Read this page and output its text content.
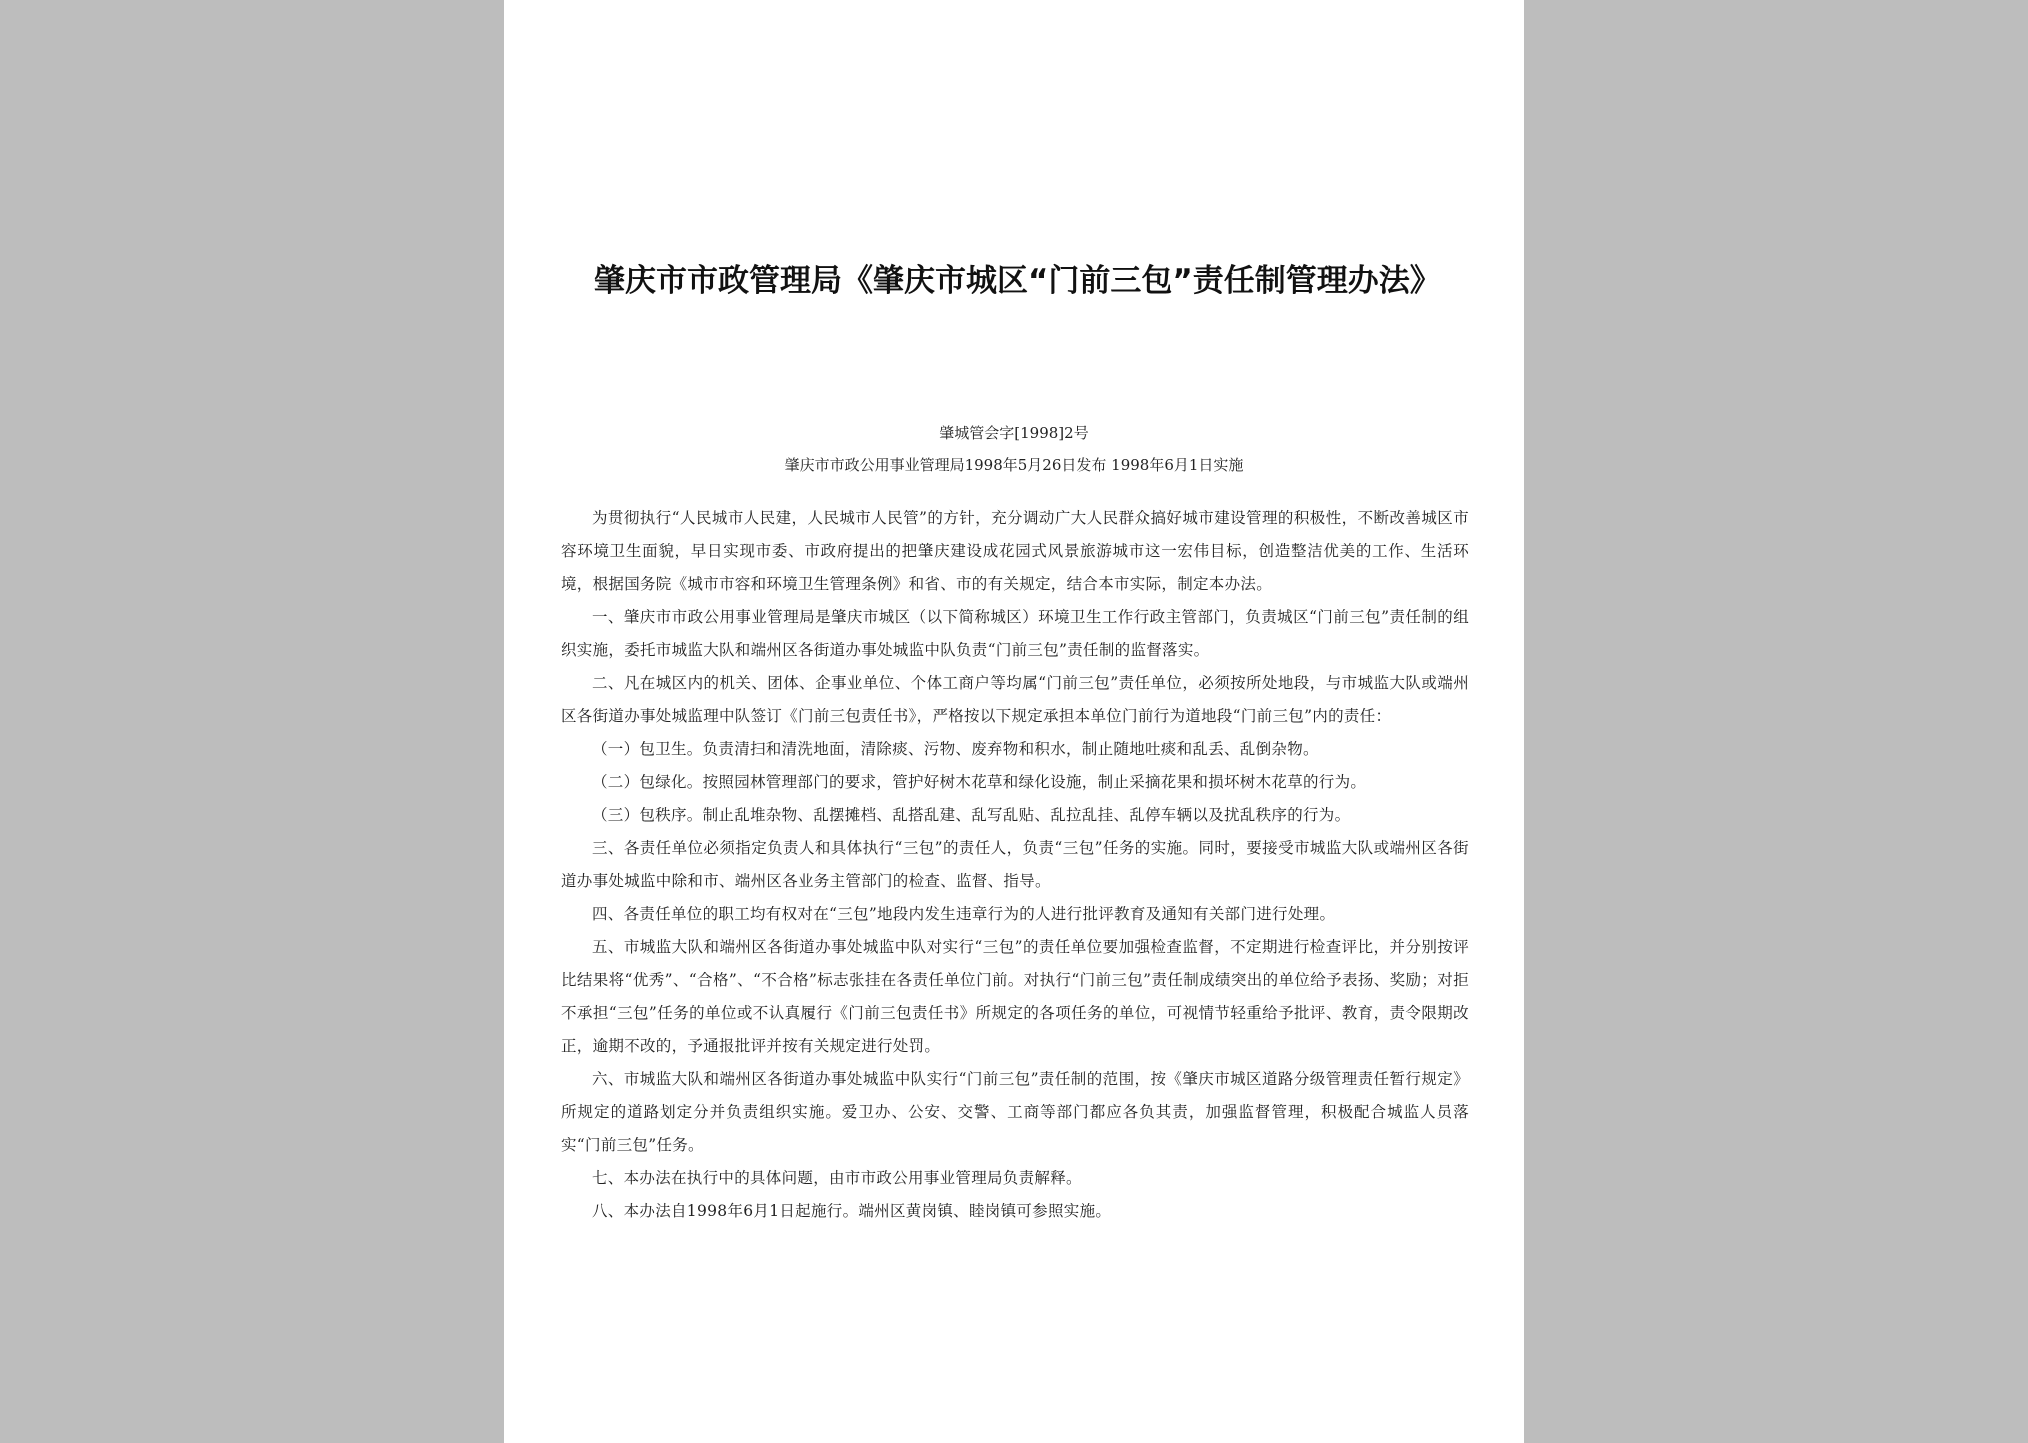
肇庆市市政管理局《肇庆市城区“门前三包”责任制管理办法》
肇城管会字[1998]2号
肇庆市市政公用事业管理局1998年5月26日发布 1998年6月1日实施

为贯彻执行“人民城市人民建，人民城市人民管”的方针，充分调动广大人民群众搞好城市建设管理的积极性，不断改善城区市容环境卫生面貌，早日实现市委、市政府提出的把肇庆建设成花园式风景旅游城市这一宏伟目标，创造整洁优美的工作、生活环境，根据国务院《城市市容和环境卫生管理条例》和省、市的有关规定，结合本市实际，制定本办法。

一、肇庆市市政公用事业管理局是肇庆市城区（以下简称城区）环境卫生工作行政主管部门，负责城区“门前三包”责任制的组织实施，委托市城监大队和端州区各街道办事处城监中队负责“门前三包”责任制的监督落实。

二、凡在城区内的机关、团体、企事业单位、个体工商户等均属“门前三包”责任单位，必须按所处地段，与市城监大队或端州区各街道办事处城监理中队签订《门前三包责任书》，严格按以下规定承担本单位门前行为道地段“门前三包”内的责任：

（一）包卫生。负责清扫和清洗地面，清除痰、污物、废弃物和积水，制止随地吐痰和乱丢、乱倒杂物。

（二）包绿化。按照园林管理部门的要求，管护好树木花草和绿化设施，制止采摘花果和损坏树木花草的行为。

（三）包秩序。制止乱堆杂物、乱摆摊档、乱搭乱建、乱写乱贴、乱拉乱挂、乱停车辆以及扰乱秩序的行为。

三、各责任单位必须指定负责人和具体执行“三包”的责任人，负责“三包”任务的实施。同时，要接受市城监大队或端州区各街道办事处城监中除和市、端州区各业务主管部门的检查、监督、指导。

四、各责任单位的职工均有权对在“三包”地段内发生违章行为的人进行批评教育及通知有关部门进行处理。

五、市城监大队和端州区各街道办事处城监中队对实行“三包”的责任单位要加强检查监督，不定期进行检查评比，并分别按评比结果将“优秀”、“合格”、“不合格”标志张挂在各责任单位门前。对执行“门前三包”责任制成绩突出的单位给予表扬、奖励；对拒不承担“三包”任务的单位或不认真履行《门前三包责任书》所规定的各项任务的单位，可视情节轻重给予批评、教育，责令限期改正，逾期不改的，予通报批评并按有关规定进行处罚。

六、市城监大队和端州区各街道办事处城监中队实行“门前三包”责任制的范围，按《肇庆市城区道路分级管理责任暂行规定》所规定的道路划定分并负责组织实施。爱卫办、公安、交警、工商等部门都应各负其责，加强监督管理，积极配合城监人员落实“门前三包”任务。

七、本办法在执行中的具体问题，由市市政公用事业管理局负责解释。

八、本办法自1998年6月1日起施行。端州区黄岗镇、睦岗镇可参照实施。
